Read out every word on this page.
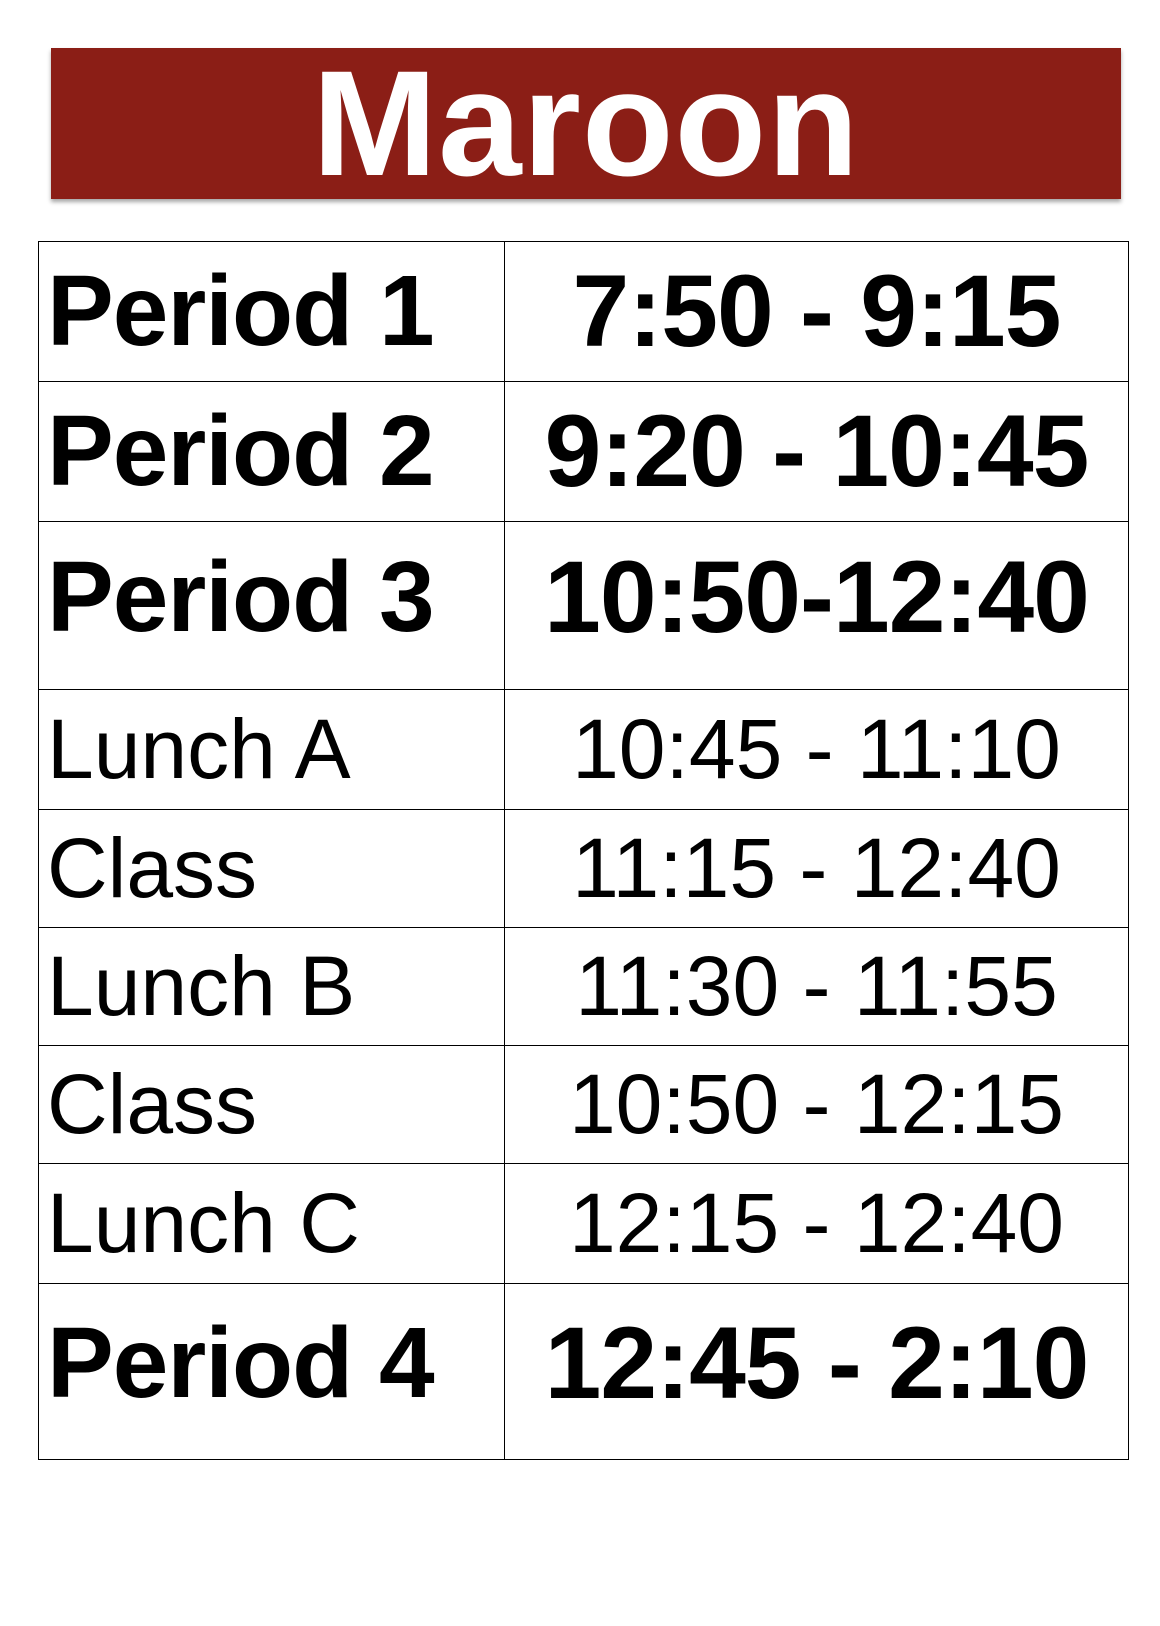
Maroon
Period 1	7:50 - 9:15
Period 2	9:20 - 10:45
Period 3	10:50-12:40
Lunch A	10:45 - 11:10
Class	11:15 - 12:40
Lunch B	11:30 - 11:55
Class	10:50 - 12:15
Lunch C	12:15 - 12:40
Period 4	12:45 - 2:10
